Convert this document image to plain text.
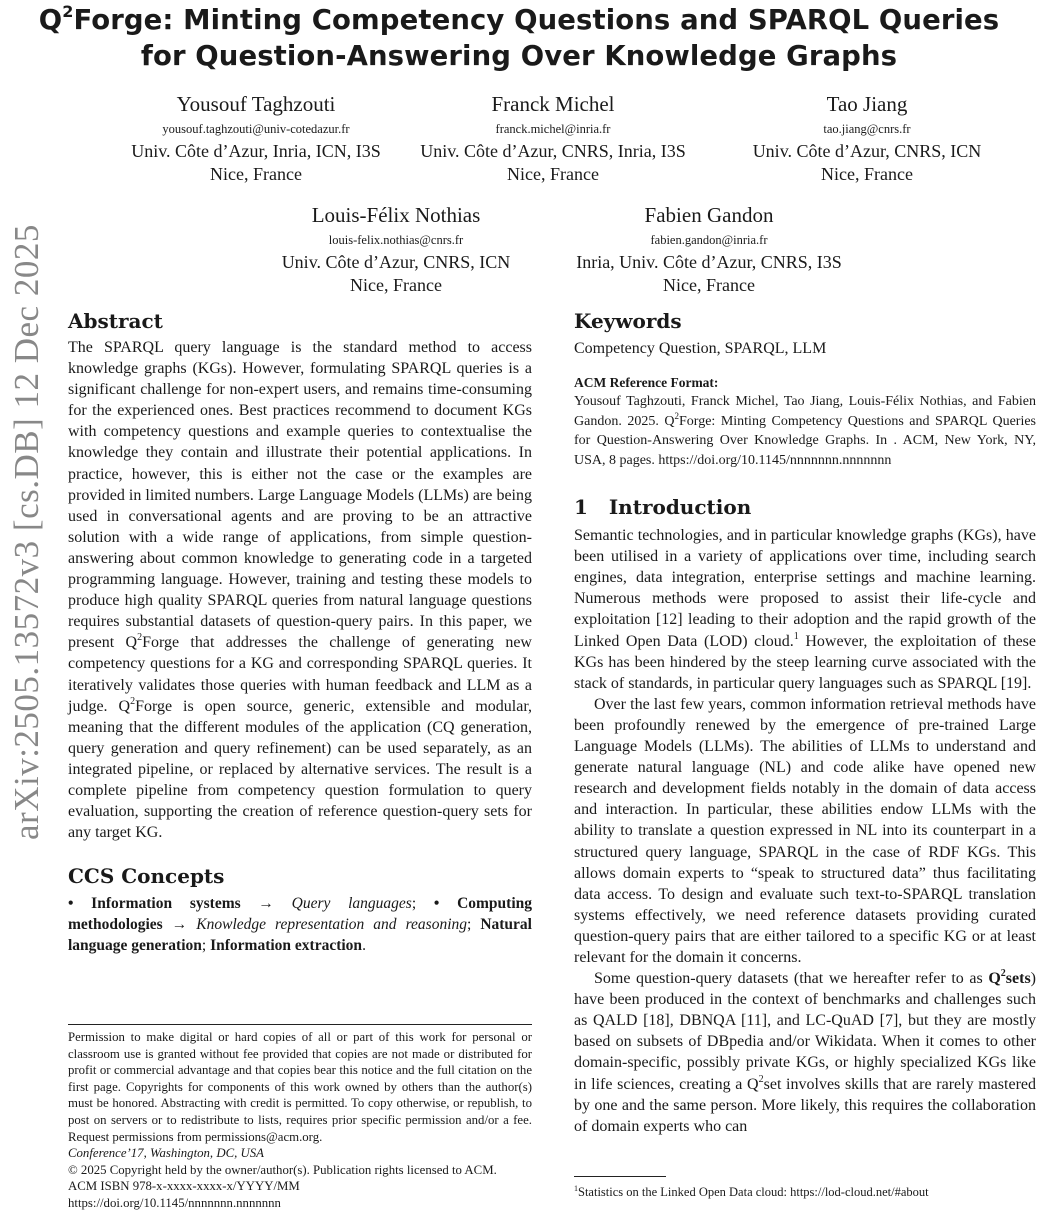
$Q^2Forge$: Minting Competency Questions and SPARQL Queries
for Question-Answering Over Knowledge Graphs
Yousouf Taghzouti
yousouf.taghzouti@univ-cotedazur.fr
Univ. Côte d’Azur, Inria, ICN, I3S
Nice, France
Franck Michel
franck.michel@inria.fr
Univ. Côte d’Azur, CNRS, Inria, I3S
Nice, France
Tao Jiang
tao.jiang@cnrs.fr
Univ. Côte d’Azur, CNRS, ICN
Nice, France
Louis-Félix Nothias
louis-felix.nothias@cnrs.fr
Univ. Côte d’Azur, CNRS, ICN
Nice, France
Fabien Gandon
fabien.gandon@inria.fr
Inria, Univ. Côte d’Azur, CNRS, I3S
Nice, France
arXiv:2505.13572v3 [cs.DB] 12 Dec 2025 Abstract

The SPARQL query language is the standard method to access knowledge graphs (KGs). However, formulating SPARQL queries is a significant challenge for non-expert users, and remains time-consuming for the experienced ones. Best practices recommend to document KGs with competency questions and example queries to contextualise the knowledge they contain and illustrate their potential applications. In practice, however, this is either not the case or the examples are provided in limited numbers. Large Language Models (LLMs) are being used in conversational agents and are proving to be an attractive solution with a wide range of applications, from simple question-answering about common knowledge to generating code in a targeted programming language. However, training and testing these models to produce high quality SPARQL queries from natural language questions requires substantial datasets of question-query pairs. In this paper, we present $Q^2Forge$ that addresses the challenge of generating new competency questions for a KG and corresponding SPARQL queries. It iteratively validates those queries with human feedback and LLM as a judge. $Q^2Forge$ is open source, generic, extensible and modular, meaning that the different modules of the application (CQ generation, query generation and query refinement) can be used separately, as an integrated pipeline, or replaced by alternative services. The result is a complete pipeline from competency question formulation to query evaluation, supporting the creation of reference question-query sets for any target KG.

CCS Concepts

• Information systems → Query languages; • Computing methodologies → Knowledge representation and reasoning; Natural language generation; Information extraction.

Permission to make digital or hard copies of all or part of this work for personal or classroom use is granted without fee provided that copies are not made or distributed for profit or commercial advantage and that copies bear this notice and the full citation on the first page. Copyrights for components of this work owned by others than the author(s) must be honored. Abstracting with credit is permitted. To copy otherwise, or republish, to post on servers or to redistribute to lists, requires prior specific permission and/or a fee. Request permissions from permissions@acm.org.

Conference’17, Washington, DC, USA

© 2025 Copyright held by the owner/author(s). Publication rights licensed to ACM.

ACM ISBN 978-x-xxxx-xxxx-x/YYYY/MM

https://doi.org/10.1145/nnnnnnn.nnnnnnn

Keywords

Competency Question, SPARQL, LLM

ACM Reference Format:

Yousouf Taghzouti, Franck Michel, Tao Jiang, Louis-Félix Nothias, and Fabien Gandon. 2025. $Q^2Forge$: Minting Competency Questions and SPARQL Queries for Question-Answering Over Knowledge Graphs. In . ACM, New York, NY, USA, 8 pages. https://doi.org/10.1145/nnnnnnn.nnnnnnn

1 Introduction

Semantic technologies, and in particular knowledge graphs (KGs), have been utilised in a variety of applications over time, including search engines, data integration, enterprise settings and machine learning. Numerous methods were proposed to assist their life-cycle and exploitation [12] leading to their adoption and the rapid growth of the Linked Open Data (LOD) cloud.$^1$ However, the exploitation of these KGs has been hindered by the steep learning curve associated with the stack of standards, in particular query languages such as SPARQL [19].

Over the last few years, common information retrieval methods have been profoundly renewed by the emergence of pre-trained Large Language Models (LLMs). The abilities of LLMs to understand and generate natural language (NL) and code alike have opened new research and development fields notably in the domain of data access and interaction. In particular, these abilities endow LLMs with the ability to translate a question expressed in NL into its counterpart in a structured query language, SPARQL in the case of RDF KGs. This allows domain experts to “speak to structured data” thus facilitating data access. To design and evaluate such text-to-SPARQL translation systems effectively, we need reference datasets providing curated question-query pairs that are either tailored to a specific KG or at least relevant for the domain it concerns.

Some question-query datasets (that we hereafter refer to as $Q^2sets$) have been produced in the context of benchmarks and challenges such as QALD [18], DBNQA [11], and LC-QuAD [7], but they are mostly based on subsets of DBpedia and/or Wikidata. When it comes to other domain-specific, possibly private KGs, or highly specialized KGs like in life sciences, creating a $Q^2set$ involves skills that are rarely mastered by one and the same person. More likely, this requires the collaboration of domain experts who can

$^1$Statistics on the Linked Open Data cloud: https://lod-cloud.net/#about
